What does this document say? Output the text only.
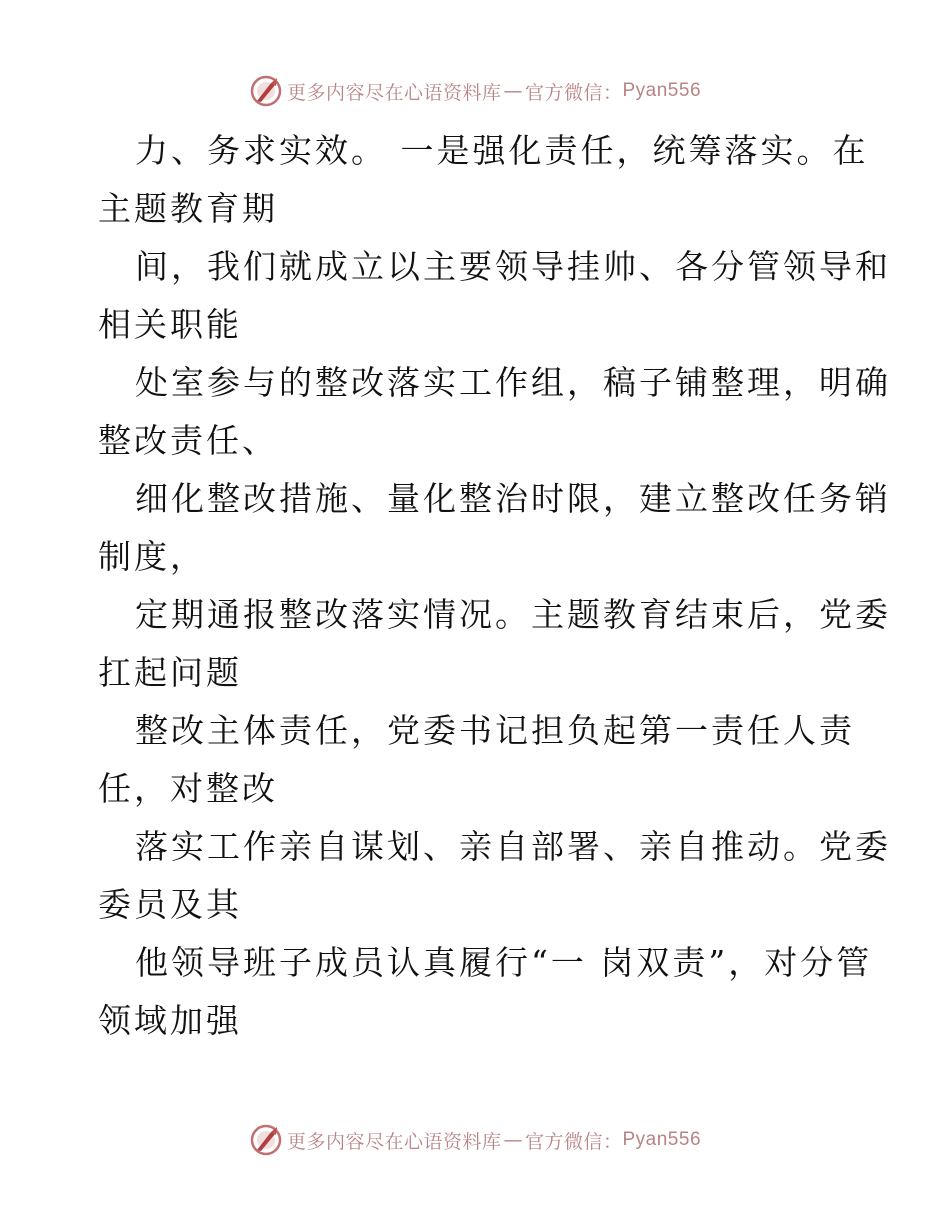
更多内容尽在心语资料库 — 官方微信： Pyan556

力、务求实效。 一是强化责任，统筹落实。在
主题教育期

间，我们就成立以主要领导挂帅、各分管领导和
相关职能

处室参与的整改落实工作组，稿子铺整理，明确
整改责任、

细化整改措施、量化整治时限，建立整改任务销
制度，

定期通报整改落实情况。主题教育结束后，党委
扛起问题

整改主体责任，党委书记担负起第一责任人责
任，对整改

落实工作亲自谋划、亲自部署、亲自推动。党委
委员及其

他领导班子成员认真履行“一 岗双责”，对分管
领域加强

更多内容尽在心语资料库 — 官方微信： Pyan556
